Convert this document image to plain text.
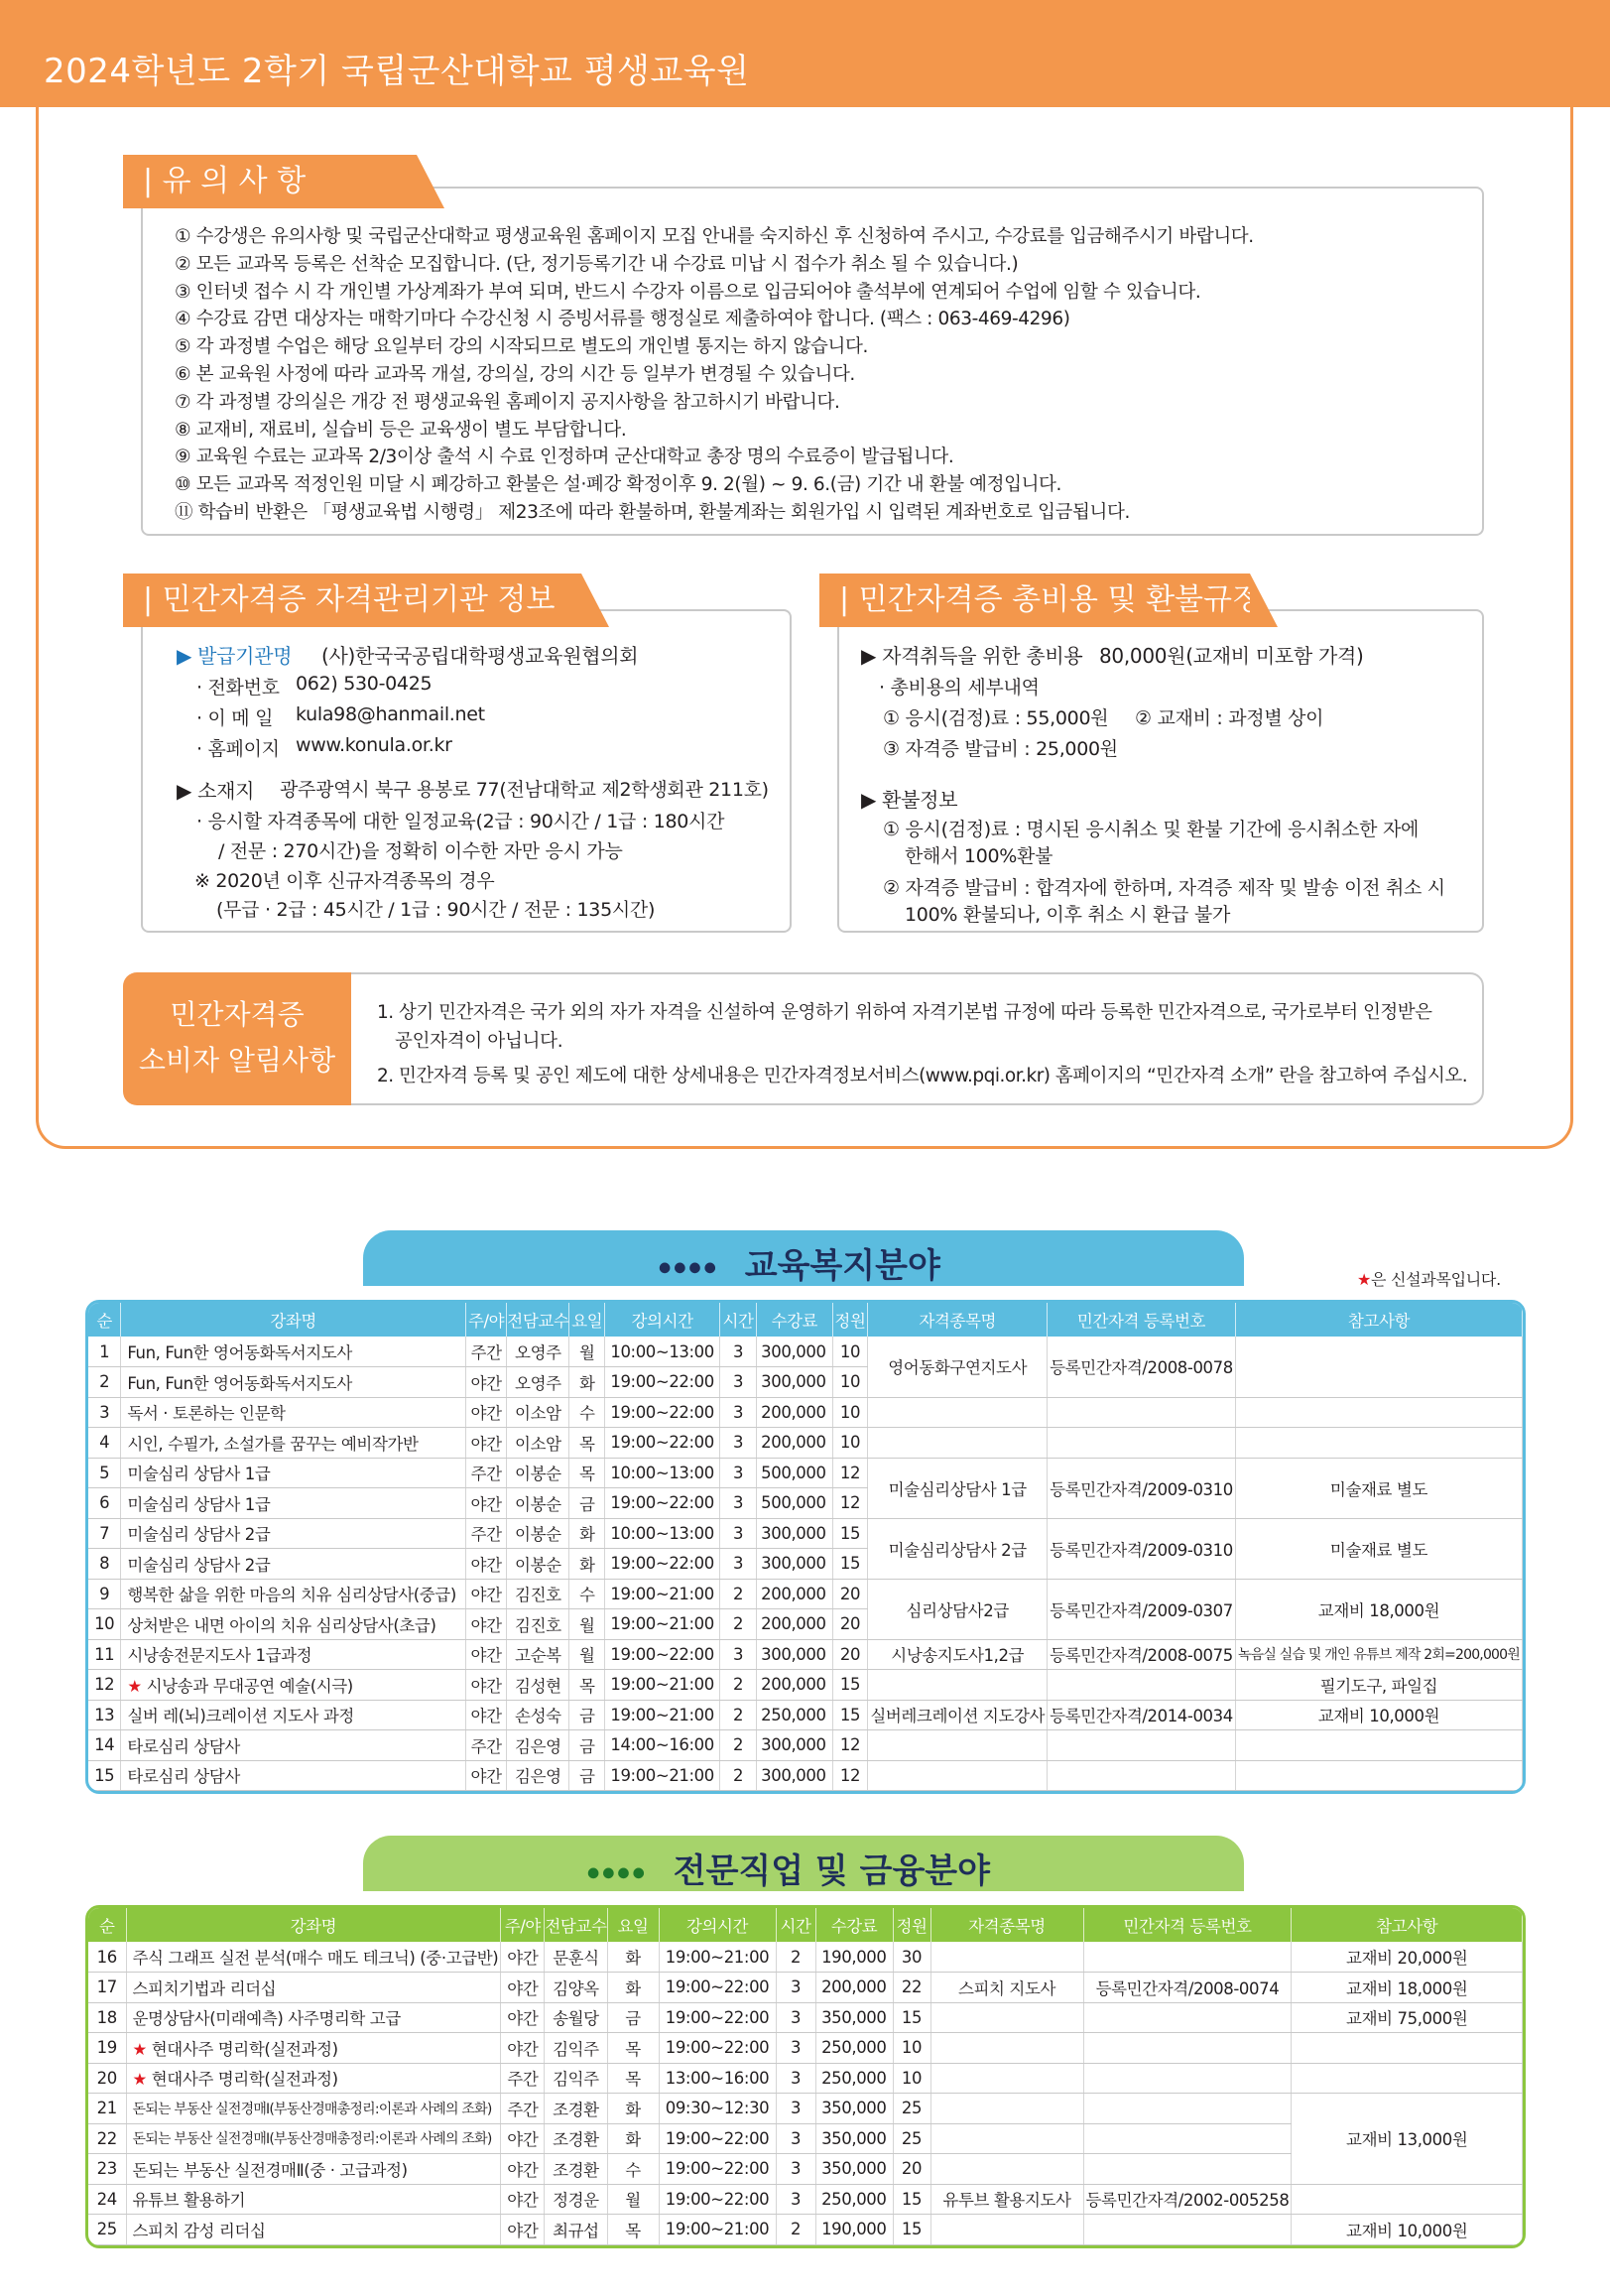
2024학년도 2학기 국립군산대학교 평생교육원
| 유 의 사 항
① 수강생은 유의사항 및 국립군산대학교 평생교육원 홈페이지 모집 안내를 숙지하신 후 신청하여 주시고, 수강료를 입금해주시기 바랍니다.
② 모든 교과목 등록은 선착순 모집합니다. (단, 정기등록기간 내 수강료 미납 시 접수가 취소 될 수 있습니다.)
③ 인터넷 접수 시 각 개인별 가상계좌가 부여 되며, 반드시 수강자 이름으로 입금되어야 출석부에 연계되어 수업에 임할 수 있습니다.
④ 수강료 감면 대상자는 매학기마다 수강신청 시 증빙서류를 행정실로 제출하여야 합니다. (팩스 : 063-469-4296)
⑤ 각 과정별 수업은 해당 요일부터 강의 시작되므로 별도의 개인별 통지는 하지 않습니다.
⑥ 본 교육원 사정에 따라 교과목 개설, 강의실, 강의 시간 등 일부가 변경될 수 있습니다.
⑦ 각 과정별 강의실은 개강 전 평생교육원 홈페이지 공지사항을 참고하시기 바랍니다.
⑧ 교재비, 재료비, 실습비 등은 교육생이 별도 부담합니다.
⑨ 교육원 수료는 교과목 2/3이상 출석 시 수료 인정하며 군산대학교 총장 명의 수료증이 발급됩니다.
⑩ 모든 교과목 적정인원 미달 시 폐강하고 환불은 설·폐강 확정이후 9. 2(월) ~ 9. 6.(금) 기간 내 환불 예정입니다.
⑪ 학습비 반환은 「평생교육법 시행령」 제23조에 따라 환불하며, 환불계좌는 회원가입 시 입력된 계좌번호로 입금됩니다.
| 민간자격증 자격관리기관 정보
▶ 발급기관명 (사)한국국공립대학평생교육원협의회
· 전화번호 062) 530-0425
· 이 메 일 kula98@hanmail.net
· 홈페이지 www.konula.or.kr
▶ 소재지 광주광역시 북구 용봉로 77(전남대학교 제2학생회관 211호)
· 응시할 자격종목에 대한 일정교육(2급 : 90시간 / 1급 : 180시간
/ 전문 : 270시간)을 정확히 이수한 자만 응시 가능
※ 2020년 이후 신규자격종목의 경우
(무급 · 2급 : 45시간 / 1급 : 90시간 / 전문 : 135시간)
| 민간자격증 총비용 및 환불규정
▶ 자격취득을 위한 총비용 80,000원(교재비 미포함 가격)
· 총비용의 세부내역
① 응시(검정)료 : 55,000원 ② 교재비 : 과정별 상이
③ 자격증 발급비 : 25,000원
▶ 환불정보
① 응시(검정)료 : 명시된 응시취소 및 환불 기간에 응시취소한 자에
한해서 100%환불
② 자격증 발급비 : 합격자에 한하며, 자격증 제작 및 발송 이전 취소 시
100% 환불되나, 이후 취소 시 환급 불가
민간자격증
소비자 알림사항
1. 상기 민간자격은 국가 외의 자가 자격을 신설하여 운영하기 위하여 자격기본법 규정에 따라 등록한 민간자격으로, 국가로부터 인정받은
공인자격이 아닙니다.
2. 민간자격 등록 및 공인 제도에 대한 상세내용은 민간자격정보서비스(www.pqi.or.kr) 홈페이지의 “민간자격 소개” 란을 참고하여 주십시오.
●●●● 교육복지분야	★은 신설과목입니다.
순	강좌명	주/야	전담교수	요일	강의시간	시간	수강료	정원	자격종목명	민간자격 등록번호	참고사항
1	Fun, Fun한 영어동화독서지도사	주간	오영주	월	10:00~13:00	3	300,000	10	영어동화구연지도사	등록민간자격/2008-0078	
2	Fun, Fun한 영어동화독서지도사	야간	오영주	화	19:00~22:00	3	300,000	10			
3	독서 · 토론하는 인문학	야간	이소암	수	19:00~22:00	3	200,000	10			
4	시인, 수필가, 소설가를 꿈꾸는 예비작가반	야간	이소암	목	19:00~22:00	3	200,000	10			
5	미술심리 상담사 1급	주간	이봉순	목	10:00~13:00	3	500,000	12	미술심리상담사 1급	등록민간자격/2009-0310	미술재료 별도
6	미술심리 상담사 1급	야간	이봉순	금	19:00~22:00	3	500,000	12			
7	미술심리 상담사 2급	주간	이봉순	화	10:00~13:00	3	300,000	15	미술심리상담사 2급	등록민간자격/2009-0310	미술재료 별도
8	미술심리 상담사 2급	야간	이봉순	화	19:00~22:00	3	300,000	15			
9	행복한 삶을 위한 마음의 치유 심리상담사(중급)	야간	김진호	수	19:00~21:00	2	200,000	20	심리상담사2급	등록민간자격/2009-0307	교재비 18,000원
10	상처받은 내면 아이의 치유 심리상담사(초급)	야간	김진호	월	19:00~21:00	2	200,000	20			
11	시낭송전문지도사 1급과정	야간	고순복	월	19:00~22:00	3	300,000	20	시낭송지도사1,2급	등록민간자격/2008-0075	녹음실 실습 및 개인 유튜브 제작 2회=200,000원
12	★ 시낭송과 무대공연 예술(시극)	야간	김성현	목	19:00~21:00	2	200,000	15			필기도구, 파일집
13	실버 레(뇌)크레이션 지도사 과정	야간	손성숙	금	19:00~21:00	2	250,000	15	실버레크레이션 지도강사	등록민간자격/2014-0034	교재비 10,000원
14	타로심리 상담사	주간	김은영	금	14:00~16:00	2	300,000	12			
15	타로심리 상담사	야간	김은영	금	19:00~21:00	2	300,000	12			
●●●● 전문직업 및 금융분야
순	강좌명	주/야	전담교수	요일	강의시간	시간	수강료	정원	자격종목명	민간자격 등록번호	참고사항
16	주식 그래프 실전 분석(매수 매도 테크닉) (중·고급반)	야간	문훈식	화	19:00~21:00	2	190,000	30			교재비 20,000원
17	스피치기법과 리더십	야간	김양옥	화	19:00~22:00	3	200,000	22	스피치 지도사	등록민간자격/2008-0074	교재비 18,000원
18	운명상담사(미래예측) 사주명리학 고급	야간	송월당	금	19:00~22:00	3	350,000	15			교재비 75,000원
19	★ 현대사주 명리학(실전과정)	야간	김익주	목	19:00~22:00	3	250,000	10			
20	★ 현대사주 명리학(실전과정)	주간	김익주	목	13:00~16:00	3	250,000	10			
21	돈되는 부동산 실전경매Ⅰ(부동산경매총정리:이론과 사례의 조화)	주간	조경환	화	09:30~12:30	3	350,000	25			교재비 13,000원
22	돈되는 부동산 실전경매Ⅰ(부동산경매총정리:이론과 사례의 조화)	야간	조경환	화	19:00~22:00	3	350,000	25			
23	돈되는 부동산 실전경매Ⅱ(중 · 고급과정)	야간	조경환	수	19:00~22:00	3	350,000	20			
24	유튜브 활용하기	야간	정경운	월	19:00~22:00	3	250,000	15	유투브 활용지도사	등록민간자격/2002-005258	
25	스피치 감성 리더십	야간	최규섭	목	19:00~21:00	2	190,000	15			교재비 10,000원
